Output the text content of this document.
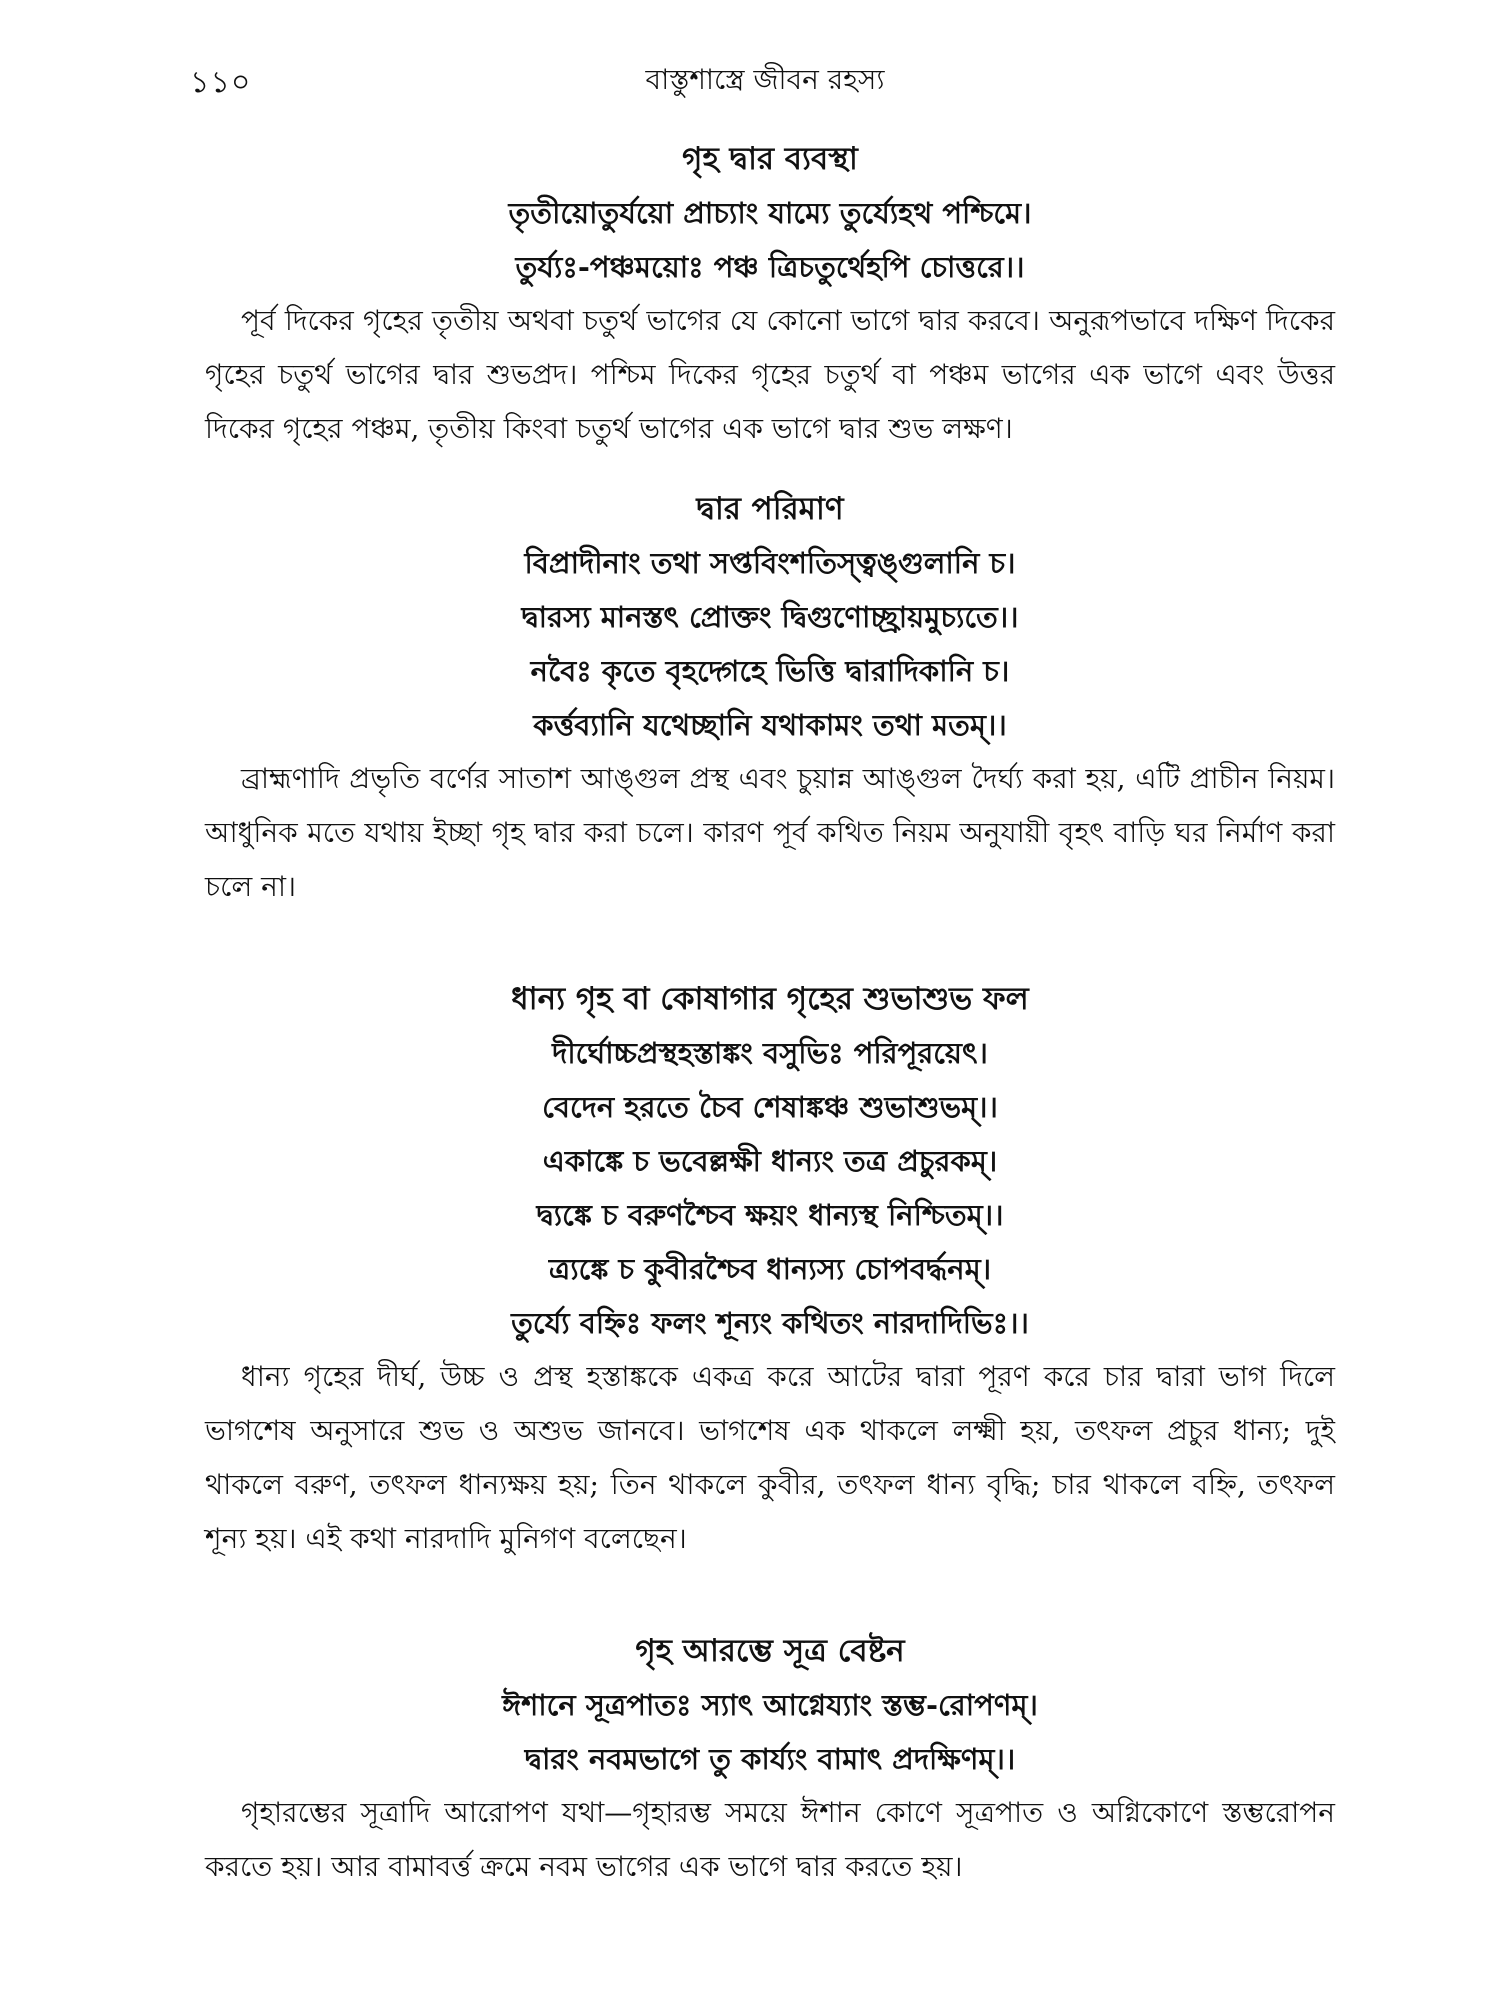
১১০	বাস্তুশাস্ত্রে জীবন রহস্য
গৃহ দ্বার ব্যবস্থা

তৃতীয়োতুর্যয়ো প্রাচ্যাং যাম্যে তুর্য্যেহথ পশ্চিমে।

তুর্য্যঃ-পঞ্চময়োঃ পঞ্চ ত্রিচতুর্থেহপি চোত্তরে।।

পূর্ব দিকের গৃহের তৃতীয় অথবা চতুর্থ ভাগের যে কোনো ভাগে দ্বার করবে। অনুরূপভাবে দক্ষিণ দিকের গৃহের চতুর্থ ভাগের দ্বার শুভপ্রদ। পশ্চিম দিকের গৃহের চতুর্থ বা পঞ্চম ভাগের এক ভাগে এবং উত্তর দিকের গৃহের পঞ্চম, তৃতীয় কিংবা চতুর্থ ভাগের এক ভাগে দ্বার শুভ লক্ষণ।

দ্বার পরিমাণ

বিপ্রাদীনাং তথা সপ্তবিংশতিস্ত্বঙ্গুলানি চ।

দ্বারস্য মানস্তৎ প্রোক্তং দ্বিগুণোচ্ছ্রায়মুচ্যতে।।

নবৈঃ কৃতে বৃহদ্গেহে ভিত্তি দ্বারাদিকানি চ।

কর্ত্তব্যানি যথেচ্ছানি যথাকামং তথা মতম্।।

ব্রাহ্মণাদি প্রভৃতি বর্ণের সাতাশ আঙ্গুল প্রস্থ এবং চুয়ান্ন আঙ্গুল দৈর্ঘ্য করা হয়, এটি প্রাচীন নিয়ম। আধুনিক মতে যথায় ইচ্ছা গৃহ দ্বার করা চলে। কারণ পূর্ব কথিত নিয়ম অনুযায়ী বৃহৎ বাড়ি ঘর নির্মাণ করা চলে না।

ধান্য গৃহ বা কোষাগার গৃহের শুভাশুভ ফল

দীর্ঘোচ্চপ্রস্থহস্তাঙ্কং বসুভিঃ পরিপূরয়েৎ।

বেদেন হরতে চৈব শেষাঙ্কঞ্চ শুভাশুভম্।।

একাঙ্কে চ ভবেল্লক্ষী ধান্যং তত্র প্রচুরকম্।

দ্ব্যঙ্কে চ বরুণশ্চৈব ক্ষয়ং ধান্যস্থ নিশ্চিতম্।।

ত্র্যঙ্কে চ কুবীরশ্চৈব ধান্যস্য চোপবর্দ্ধনম্।

তুর্য্যে বহ্নিঃ ফলং শূন্যং কথিতং নারদাদিভিঃ।।

ধান্য গৃহের দীর্ঘ, উচ্চ ও প্রস্থ হস্তাঙ্ককে একত্র করে আটের দ্বারা পূরণ করে চার দ্বারা ভাগ দিলে ভাগশেষ অনুসারে শুভ ও অশুভ জানবে। ভাগশেষ এক থাকলে লক্ষ্মী হয়, তৎফল প্রচুর ধান্য; দুই থাকলে বরুণ, তৎফল ধান্যক্ষয় হয়; তিন থাকলে কুবীর, তৎফল ধান্য বৃদ্ধি; চার থাকলে বহ্নি, তৎফল শূন্য হয়। এই কথা নারদাদি মুনিগণ বলেছেন।

গৃহ আরম্ভে সূত্র বেষ্টন

ঈশানে সূত্রপাতঃ স্যাৎ আগ্নেয্যাং স্তম্ভ-রোপণম্।

দ্বারং নবমভাগে তু কার্য্যং বামাৎ প্রদক্ষিণম্।।

গৃহারম্ভের সূত্রাদি আরোপণ যথা—গৃহারম্ভ সময়ে ঈশান কোণে সূত্রপাত ও অগ্নিকোণে স্তম্ভরোপন করতে হয়। আর বামাবর্ত্ত ক্রমে নবম ভাগের এক ভাগে দ্বার করতে হয়।
